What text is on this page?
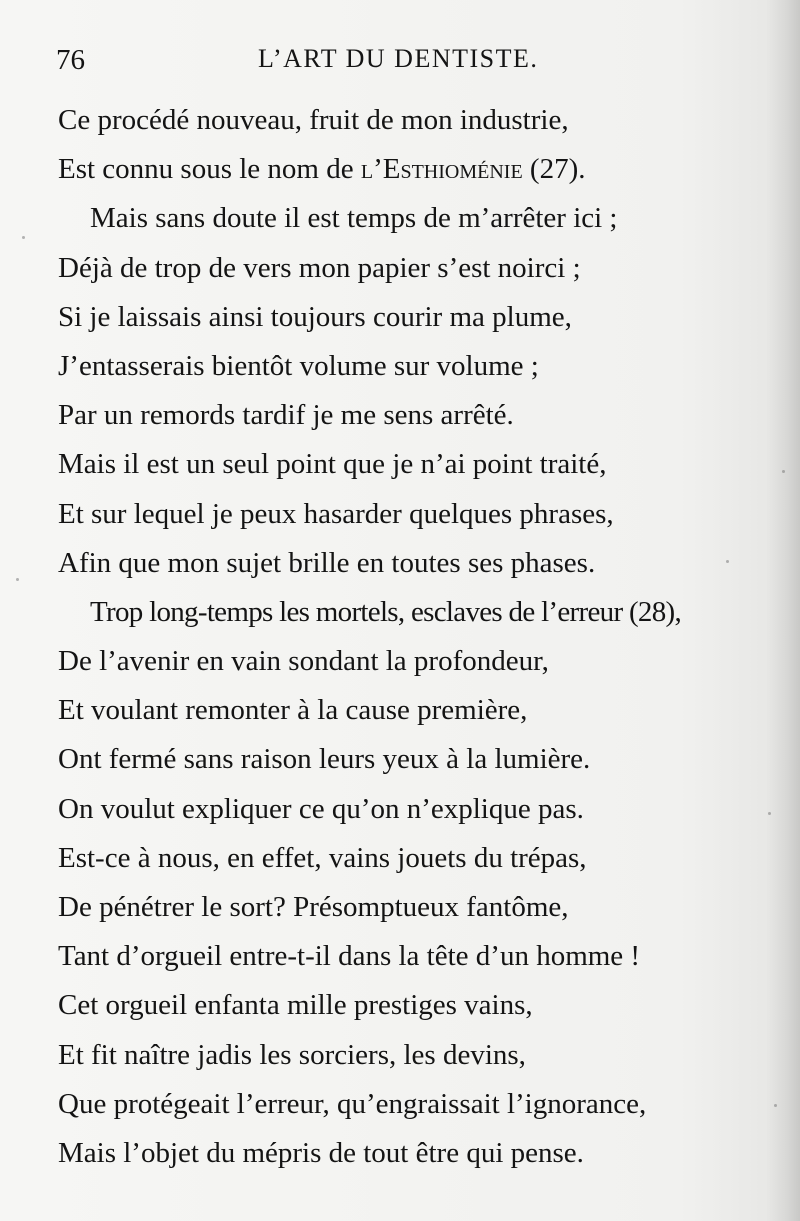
76	L’ART DU DENTISTE.
Ce procédé nouveau, fruit de mon industrie,
Est connu sous le nom de l’Esthioménie (27).
Mais sans doute il est temps de m’arrêter ici ;
Déjà de trop de vers mon papier s’est noirci ;
Si je laissais ainsi toujours courir ma plume,
J’entasserais bientôt volume sur volume ;
Par un remords tardif je me sens arrêté.
Mais il est un seul point que je n’ai point traité,
Et sur lequel je peux hasarder quelques phrases,
Afin que mon sujet brille en toutes ses phases.
Trop long-temps les mortels, esclaves de l’erreur (28),
De l’avenir en vain sondant la profondeur,
Et voulant remonter à la cause première,
Ont fermé sans raison leurs yeux à la lumière.
On voulut expliquer ce qu’on n’explique pas.
Est-ce à nous, en effet, vains jouets du trépas,
De pénétrer le sort? Présomptueux fantôme,
Tant d’orgueil entre-t-il dans la tête d’un homme !
Cet orgueil enfanta mille prestiges vains,
Et fit naître jadis les sorciers, les devins,
Que protégeait l’erreur, qu’engraissait l’ignorance,
Mais l’objet du mépris de tout être qui pense.
